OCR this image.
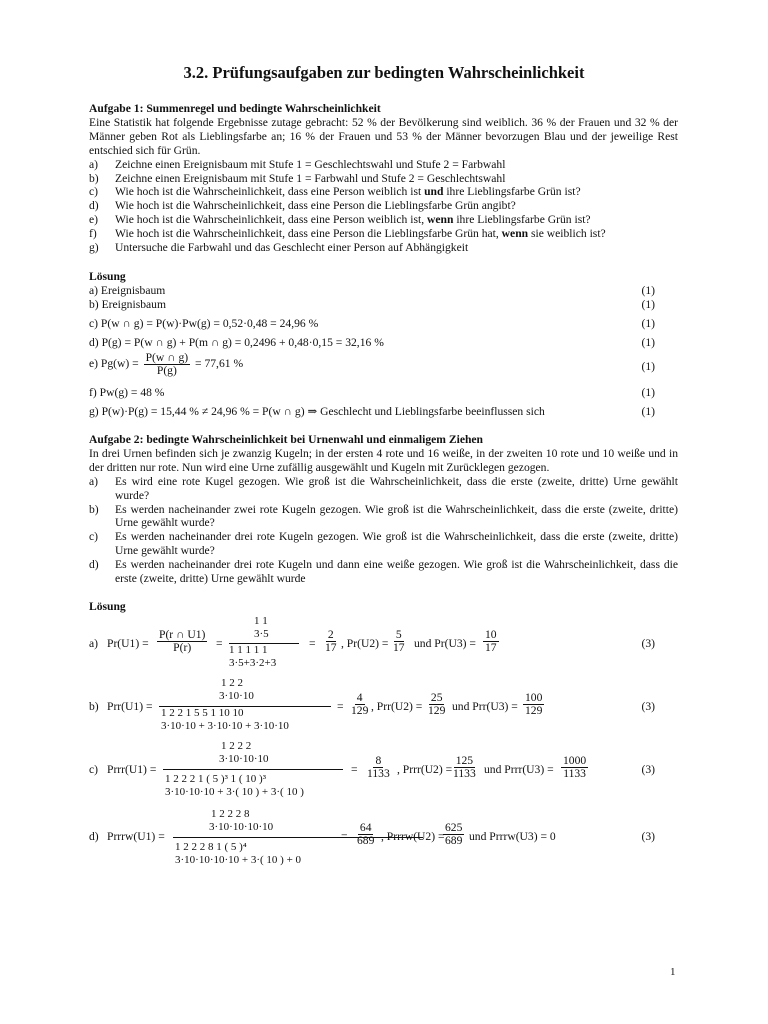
3.2. Prüfungsaufgaben zur bedingten Wahrscheinlichkeit
Aufgabe 1: Summenregel und bedingte Wahrscheinlichkeit
Eine Statistik hat folgende Ergebnisse zutage gebracht: 52 % der Bevölkerung sind weiblich. 36 % der Frauen und 32 % der Männer geben Rot als Lieblingsfarbe an; 16 % der Frauen und 53 % der Männer bevorzugen Blau und der jeweilige Rest entschied sich für Grün.
a)	Zeichne einen Ereignisbaum mit Stufe 1 = Geschlechtswahl und Stufe 2 = Farbwahl
b)	Zeichne einen Ereignisbaum mit Stufe 1 = Farbwahl und Stufe 2 = Geschlechtswahl
c)	Wie hoch ist die Wahrscheinlichkeit, dass eine Person weiblich ist und ihre Lieblingsfarbe Grün ist?
d)	Wie hoch ist die Wahrscheinlichkeit, dass eine Person die Lieblingsfarbe Grün angibt?
e)	Wie hoch ist die Wahrscheinlichkeit, dass eine Person weiblich ist, wenn ihre Lieblingsfarbe Grün ist?
f)	Wie hoch ist die Wahrscheinlichkeit, dass eine Person die Lieblingsfarbe Grün hat, wenn sie weiblich ist?
g)	Untersuche die Farbwahl und das Geschlecht einer Person auf Abhängigkeit
Lösung
a) Ereignisbaum	(1)
b) Ereignisbaum	(1)
c) P(w ∩ g) = P(w)·Pw(g) = 0,52·0,48 = 24,96 %	(1)
d) P(g) = P(w ∩ g) + P(m ∩ g) = 0,2496 + 0,48·0,15 = 32,16 %	(1)
e) $Pg(w) = \frac{P(w \cap g)}{P(g)} = 77,61$ %	(1)
f) Pw(g) = 48 %	(1)
g) P(w)·P(g) = 15,44 % ≠ 24,96 % = P(w ∩ g) ⇒ Geschlecht und Lieblingsfarbe beeinflussen sich	(1)
Aufgabe 2: bedingte Wahrscheinlichkeit bei Urnenwahl und einmaligem Ziehen
In drei Urnen befinden sich je zwanzig Kugeln; in der ersten 4 rote und 16 weiße, in der zweiten 10 rote und 10 weiße und in der dritten nur rote. Nun wird eine Urne zufällig ausgewählt und Kugeln mit Zurücklegen gezogen.
a)	Es wird eine rote Kugel gezogen. Wie groß ist die Wahrscheinlichkeit, dass die erste (zweite, dritte) Urne gewählt wurde?
b)	Es werden nacheinander zwei rote Kugeln gezogen. Wie groß ist die Wahrscheinlichkeit, dass die erste (zweite, dritte) Urne gewählt wurde?
c)	Es werden nacheinander drei rote Kugeln gezogen. Wie groß ist die Wahrscheinlichkeit, dass die erste (zweite, dritte) Urne gewählt wurde?
d)	Es werden nacheinander drei rote Kugeln und dann eine weiße gezogen. Wie groß ist die Wahrscheinlichkeit, dass die erste (zweite, dritte) Urne gewählt wurde
Lösung
a) $Pr(U1) = \frac{P(r \cap U1)}{P(r)}$ =
1 1
3·5
1 1 1 1 1
3·5+3·2+3
= $\frac{2}{17}$ , $Pr(U2) = \frac{5}{17}$ und $Pr(U3) = \frac{10}{17}$	(3)
b) Prr(U1) =
1 2 2
3·10·10
1 2 2 1 5 5 1 10 10
3·10·10 + 3·10·10 + 3·10·10
= $\frac{4}{129}$ , $Prr(U2) = \frac{25}{129}$ und $Prr(U3) = \frac{100}{129}$	(3)
c) Prrr(U1) =
1 2 2 2
3·10·10·10
1 2 2 2 1 ( 5 )³ 1 ( 10 )³
3·10·10·10 + 3·( 10 ) + 3·( 10 )
= $\frac{8}{1133}$ , Prrr(U2) =
$\frac{125}{1133}$ und Prrr(U3) = $\frac{1000}{1133}$	(3)
d) Prrrw(U1) =
1 2 2 2 8
3·10·10·10·10
1 2 2 2 8 1 ( 5 )⁴
3·10·10·10·10 + 3·( 10 ) + 0
= $\frac{64}{689}$ , Prrrw(U2) =
$\frac{625}{689}$ und Prrrw(U3) = 0	(3)
1
